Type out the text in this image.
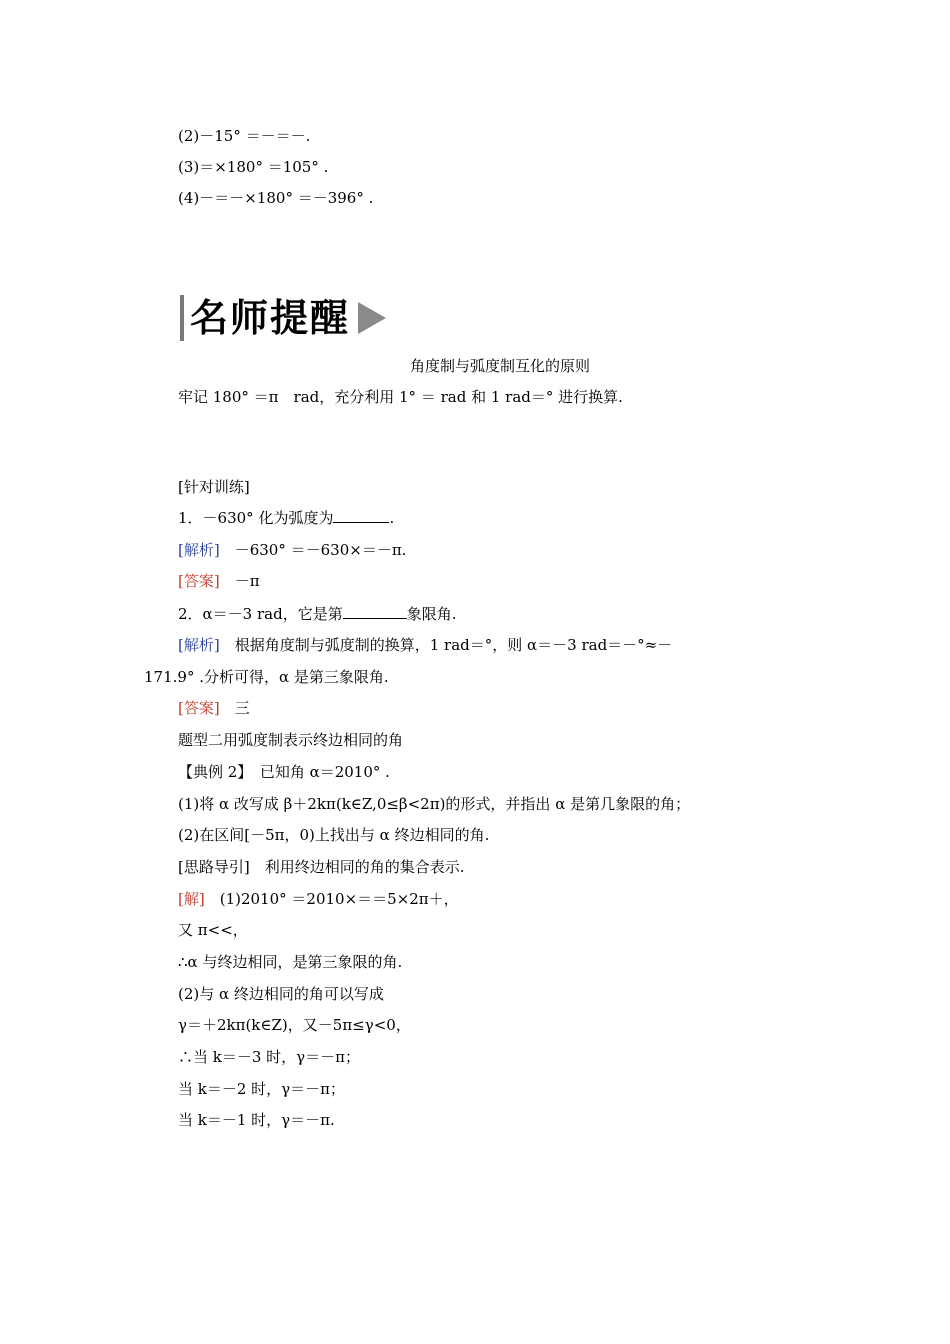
(2)－15° ＝－＝－.
(3)＝×180° ＝105° .
(4)－＝－×180° ＝－396° .
名师提醒
角度制与弧度制互化的原则
牢记 180° ＝π　rad，充分利用 1° ＝ rad 和 1 rad＝° 进行换算.
[针对训练]
1．－630° 化为弧度为	.
[解析]　－630° ＝－630×＝－π.
[答案]　－π
2．α＝－3 rad，它是第	象限角.
[解析]　根据角度制与弧度制的换算，1 rad＝°，则 α＝－3 rad＝－°≈－
171.9° .分析可得，α 是第三象限角.
[答案]　三
题型二用弧度制表示终边相同的角
【典例 2】　已知角 α＝2010° .
(1)将 α 改写成 β＋2kπ(k∈Z,0≤β<2π)的形式，并指出 α 是第几象限的角；
(2)在区间[－5π，0)上找出与 α 终边相同的角.
[思路导引]　利用终边相同的角的集合表示.
[解]　(1)2010° ＝2010×＝＝5×2π＋，
又 π<<，
∴α 与终边相同，是第三象限的角.
(2)与 α 终边相同的角可以写成
γ＝＋2kπ(k∈Z)，又－5π≤γ<0，
∴当 k＝－3 时，γ＝－π；
当 k＝－2 时，γ＝－π；
当 k＝－1 时，γ＝－π.
